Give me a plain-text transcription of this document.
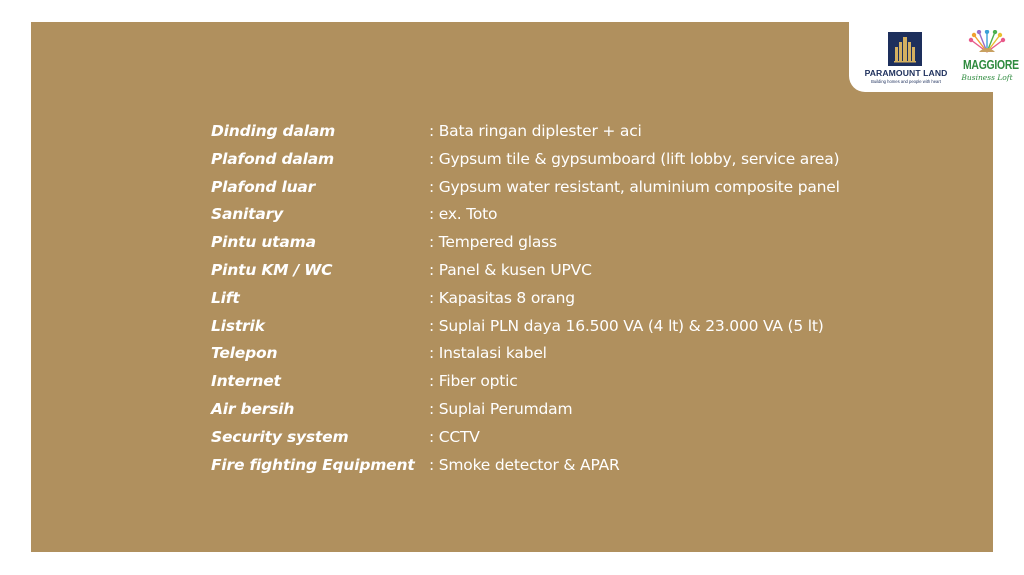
PARAMOUNT LAND
Building homes and people with heart
MAGGIORE
Business Loft
Dinding dalam	: Bata ringan diplester + aci
Plafond dalam	: Gypsum tile & gypsumboard (lift lobby, service area)
Plafond luar	: Gypsum water resistant, aluminium composite panel
Sanitary	: ex. Toto
Pintu utama	: Tempered glass
Pintu KM / WC	: Panel & kusen UPVC
Lift	: Kapasitas 8 orang
Listrik	: Suplai PLN daya 16.500 VA (4 lt) & 23.000 VA (5 lt)
Telepon	: Instalasi kabel
Internet	: Fiber optic
Air bersih	: Suplai Perumdam
Security system	: CCTV
Fire fighting Equipment : Smoke detector & APAR
